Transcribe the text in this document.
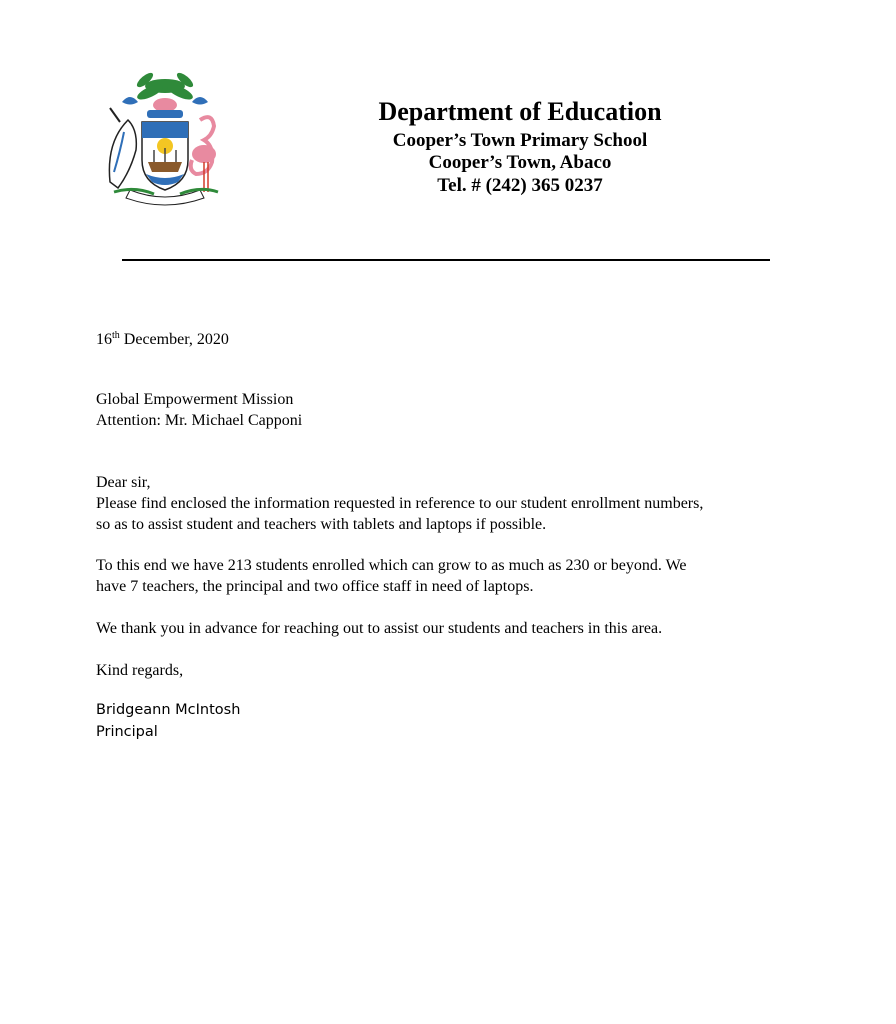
Department of Education
Cooper’s Town Primary School
Cooper’s Town, Abaco
Tel. # (242) 365 0237
16th December, 2020
Global Empowerment Mission
Attention: Mr. Michael Capponi
Dear sir,
Please find enclosed the information requested in reference to our student enrollment numbers,
so as to assist student and teachers with tablets and laptops if possible.
To this end we have 213 students enrolled which can grow to as much as 230 or beyond. We
have 7 teachers, the principal and two office staff in need of laptops.
We thank you in advance for reaching out to assist our students and teachers in this area.
Kind regards,
Bridgeann McIntosh
Principal
